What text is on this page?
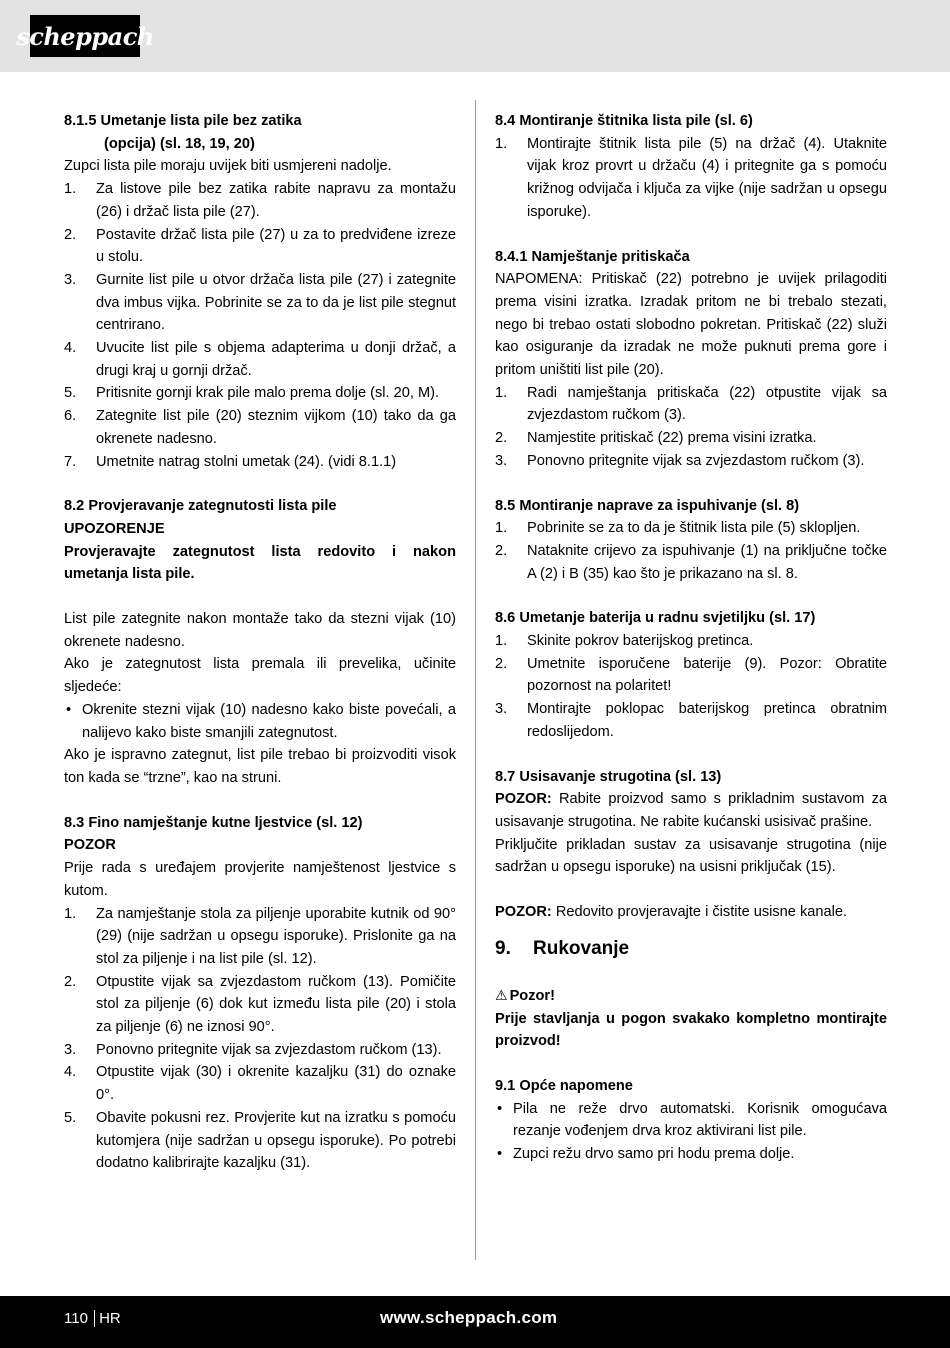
scheppach
8.1.5 Umetanje lista pile bez zatika
(opcija) (sl. 18, 19, 20)

Zupci lista pile moraju uvijek biti usmjereni nadolje.

1. Za listove pile bez zatika rabite napravu za montažu (26) i držač lista pile (27).
2. Postavite držač lista pile (27) u za to predviđene izreze u stolu.
3. Gurnite list pile u otvor držača lista pile (27) i zategnite dva imbus vijka. Pobrinite se za to da je list pile stegnut centrirano.
4. Uvucite list pile s objema adapterima u donji držač, a drugi kraj u gornji držač.
5. Pritisnite gornji krak pile malo prema dolje (sl. 20, M).
6. Zategnite list pile (20) steznim vijkom (10) tako da ga okrenete nadesno.
7. Umetnite natrag stolni umetak (24). (vidi 8.1.1)
8.2 Provjeravanje zategnutosti lista pile

UPOZORENJE

Provjeravajte zategnutost lista redovito i nakon umetanja lista pile.

List pile zategnite nakon montaže tako da stezni vijak (10) okrenete nadesno.

Ako je zategnutost lista premala ili prevelika, učinite sljedeće:

• Okrenite stezni vijak (10) nadesno kako biste povećali, a nalijevo kako biste smanjili zategnutost.

Ako je ispravno zategnut, list pile trebao bi proizvoditi visok ton kada se “trzne”, kao na struni.

8.3 Fino namještanje kutne ljestvice (sl. 12)

POZOR

Prije rada s uređajem provjerite namještenost ljestvice s kutom.

1. Za namještanje stola za piljenje uporabite kutnik od 90° (29) (nije sadržan u opsegu isporuke). Prislonite ga na stol za piljenje i na list pile (sl. 12).
2. Otpustite vijak sa zvjezdastom ručkom (13). Pomičite stol za piljenje (6) dok kut između lista pile (20) i stola za piljenje (6) ne iznosi 90°.
3. Ponovno pritegnite vijak sa zvjezdastom ručkom (13).
4. Otpustite vijak (30) i okrenite kazaljku (31) do oznake 0°.
5. Obavite pokusni rez. Provjerite kut na izratku s pomoću kutomjera (nije sadržan u opsegu isporuke). Po potrebi dodatno kalibrirajte kazaljku (31).
8.4 Montiranje štitnika lista pile (sl. 6)
1. Montirajte štitnik lista pile (5) na držač (4). Utaknite vijak kroz provrt u držaču (4) i pritegnite ga s pomoću križnog odvijača i ključa za vijke (nije sadržan u opsegu isporuke).
8.4.1 Namještanje pritiskača

NAPOMENA: Pritiskač (22) potrebno je uvijek prilagoditi prema visini izratka. Izradak pritom ne bi trebalo stezati, nego bi trebao ostati slobodno pokretan. Pritiskač (22) služi kao osiguranje da izradak ne može puknuti prema gore i pritom uništiti list pile (20).

1. Radi namještanja pritiskača (22) otpustite vijak sa zvjezdastom ručkom (3).
2. Namjestite pritiskač (22) prema visini izratka.
3. Ponovno pritegnite vijak sa zvjezdastom ručkom (3).
8.5 Montiranje naprave za ispuhivanje (sl. 8)
1. Pobrinite se za to da je štitnik lista pile (5) sklopljen.
2. Nataknite crijevo za ispuhivanje (1) na priključne točke A (2) i B (35) kao što je prikazano na sl. 8.
8.6 Umetanje baterija u radnu svjetiljku (sl. 17)
1. Skinite pokrov baterijskog pretinca.
2. Umetnite isporučene baterije (9). Pozor: Obratite pozornost na polaritet!
3. Montirajte poklopac baterijskog pretinca obratnim redoslijedom.
8.7 Usisavanje strugotina (sl. 13)

POZOR: Rabite proizvod samo s prikladnim sustavom za usisavanje strugotina. Ne rabite kućanski usisivač prašine.

Priključite prikladan sustav za usisavanje strugotina (nije sadržan u opsegu isporuke) na usisni priključak (15).

POZOR: Redovito provjeravajte i čistite usisne kanale.

9. Rukovanje

⚠ Pozor!

Prije stavljanja u pogon svakako kompletno montirajte proizvod!

9.1 Opće napomene
• Pila ne reže drvo automatski. Korisnik omogućava rezanje vođenjem drva kroz aktivirani list pile.
• Zupci režu drvo samo pri hodu prema dolje.
110 HR	www.scheppach.com
